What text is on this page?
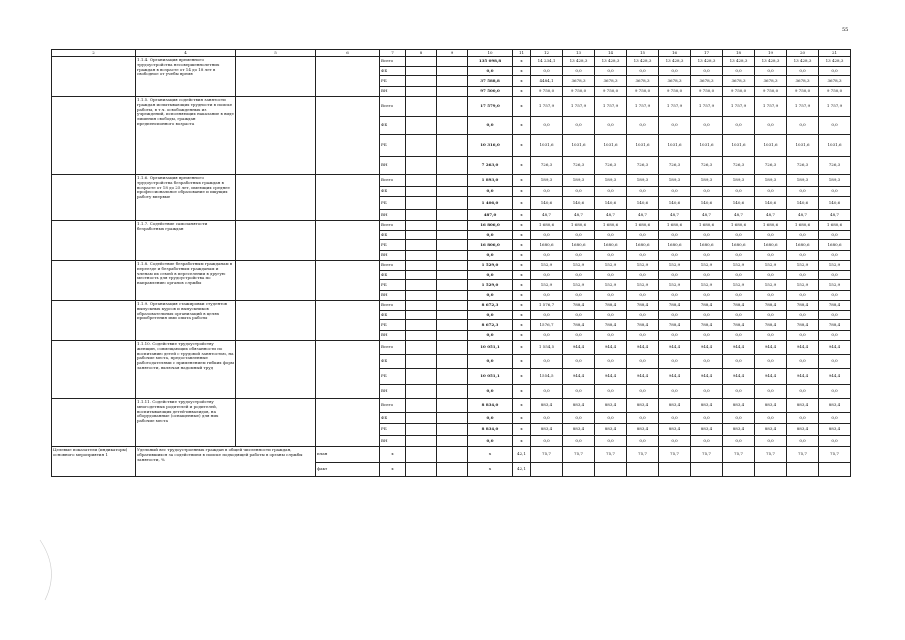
55
2	4	5	6	7	8	9	10	11	12	13	14	15	16	17	18	19	20	21
	1.1.4. Организация временного трудоустройства несовершеннолетних граждан в возрасте от 14 до 18 лет в свободное от учебы время			Всего			135 098,8	х	14 234,1	13 428,3	13 428,3	13 428,3	13 428,3	13 428,3	13 428,3	13 428,3	13 428,3	13 428,3
				ФБ			0,0	х	0,0	0,0	0,0	0,0	0,0	0,0	0,0	0,0	0,0	0,0
				РБ			37 588,8	х	4484,1	3678,3	3678,3	3678,3	3678,3	3678,3	3678,3	3678,3	3678,3	3678,3
				ВН			97 500,0	х	9 750,0	9 750,0	9 750,0	9 750,0	9 750,0	9 750,0	9 750,0	9 750,0	9 750,0	9 750,0
	1.1.5. Организация содействия занятости граждан испытывающих трудности в поиске работы, в т.ч. освобожденных из учреждений, исполняющих наказание в виде лишения свободы, граждан предпенсионного возраста			Всего			17 579,0	х	1 757,9	1 757,9	1 757,9	1 757,9	1 757,9	1 757,9	1 757,9	1 757,9	1 757,9	1 757,9
				ФБ			0,0	х	0,0	0,0	0,0	0,0	0,0	0,0	0,0	0,0	0,0	0,0
				РБ			10 316,0	х	1031,6	1031,6	1031,6	1031,6	1031,6	1031,6	1031,6	1031,6	1031,6	1031,6
				ВН			7 263,0	х	726,3	726,3	726,3	726,3	726,3	726,3	726,3	726,3	726,3	726,3
	1.1.6. Организация временного трудоустройства безработных граждан в возрасте от 18 до 25 лет, имеющих среднее профессиональное образование и ищущих работу впервые			Всего			1 893,0	х	189,3	189,3	189,3	189,3	189,3	189,3	189,3	189,3	189,3	189,3
				ФБ			0,0	х	0,0	0,0	0,0	0,0	0,0	0,0	0,0	0,0	0,0	0,0
				РБ			1 406,0	х	140,6	140,6	140,6	140,6	140,6	140,6	140,6	140,6	140,6	140,6
				ВН			487,0	х	48,7	48,7	48,7	48,7	48,7	48,7	48,7	48,7	48,7	48,7
	1.1.7. Содействие самозанятости безработных граждан			Всего			16 806,0	х	1 680,6	1 680,6	1 680,6	1 680,6	1 680,6	1 680,6	1 680,6	1 680,6	1 680,6	1 680,6
				ФБ			0,0	х	0,0	0,0	0,0	0,0	0,0	0,0	0,0	0,0	0,0	0,0
				РБ			16 806,0	х	1680,6	1680,6	1680,6	1680,6	1680,6	1680,6	1680,6	1680,6	1680,6	1680,6
				ВН			0,0	х	0,0	0,0	0,0	0,0	0,0	0,0	0,0	0,0	0,0	0,0
	1.1.8. Содействие безработным гражданам в переезде и безработным гражданам и членам их семей в переселении в другую местность для трудоустройства по направлению органов службы			Всего			1 529,0	х	152,9	152,9	152,9	152,9	152,9	152,9	152,9	152,9	152,9	152,9
				ФБ			0,0	х	0,0	0,0	0,0	0,0	0,0	0,0	0,0	0,0	0,0	0,0
				РБ			1 529,0	х	152,9	152,9	152,9	152,9	152,9	152,9	152,9	152,9	152,9	152,9
				ВН			0,0	х	0,0	0,0	0,0	0,0	0,0	0,0	0,0	0,0	0,0	0,0
	1.1.9. Организация стажировки студентов выпускных курсов и выпускников образовательных организаций в целях приобретения ими опыта работы			Всего			8 672,3	х	1 576,7	788,4	788,4	788,4	788,4	788,4	788,4	788,4	788,4	788,4
				ФБ			0,0	х	0,0	0,0	0,0	0,0	0,0	0,0	0,0	0,0	0,0	0,0
				РБ			8 672,3	х	1576,7	788,4	788,4	788,4	788,4	788,4	788,4	788,4	788,4	788,4
				ВН			0,0	х	0,0	0,0	0,0	0,0	0,0	0,0	0,0	0,0	0,0	0,0
	1.1.10. Содействие трудоустройству женщин, совмещающих обязанности по воспитанию детей с трудовой занятостью, на рабочие места, предоставленные работодателями с применением гибких форм занятости, включая надомный труд			Всего			10 051,1	х	1 554,5	944,4	944,4	944,4	944,4	944,4	944,4	944,4	944,4	944,4
				ФБ			0,0	х	0,0	0,0	0,0	0,0	0,0	0,0	0,0	0,0	0,0	0,0
				РБ			10 051,1	х	1554,5	944,4	944,4	944,4	944,4	944,4	944,4	944,4	944,4	944,4
				ВН			0,0	х	0,0	0,0	0,0	0,0	0,0	0,0	0,0	0,0	0,0	0,0
	1.1.11. Содействие трудоустройству многодетных родителей и родителей, воспитывающих детей-инвалидов, на оборудованные (оснащенные) для них рабочие места			Всего			8 834,0	х	883,4	883,4	883,4	883,4	883,4	883,4	883,4	883,4	883,4	883,4
				ФБ			0,0	х	0,0	0,0	0,0	0,0	0,0	0,0	0,0	0,0	0,0	0,0
				РБ			8 834,0	х	883,4	883,4	883,4	883,4	883,4	883,4	883,4	883,4	883,4	883,4
				ВН			0,0	х	0,0	0,0	0,0	0,0	0,0	0,0	0,0	0,0	0,0	0,0
Целевые показатели (индикаторы) основного мероприятия 1	Удельный вес трудоустроенных граждан в общей численности граждан, обратившихся за содействием в поиске подходящей работы в органы службы занятости, %		план	х			х	42,1	75,7	75,7	75,7	75,7	75,7	75,7	75,7	75,7	75,7	75,7
			факт	х			х	42,1										
